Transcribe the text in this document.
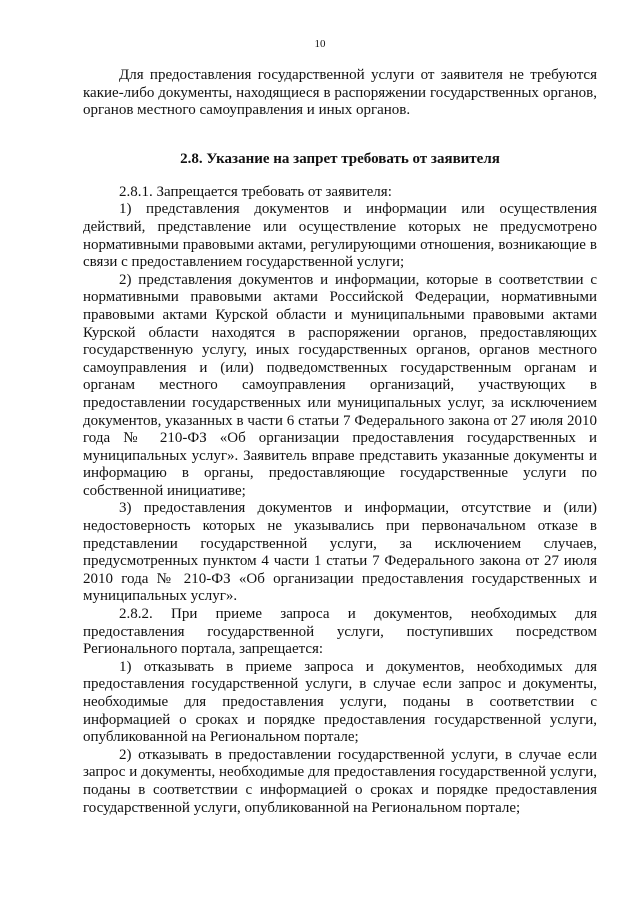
10

Для предоставления государственной услуги от заявителя не требуются какие-либо документы, находящиеся в распоряжении государственных органов, органов местного самоуправления и иных органов.

2.8. Указание на запрет требовать от заявителя

2.8.1. Запрещается требовать от заявителя:

1) представления документов и информации или осуществления действий, представление или осуществление которых не предусмотрено нормативными правовыми актами, регулирующими отношения, возникающие в связи с предоставлением государственной услуги;

2) представления документов и информации, которые в соответствии с нормативными правовыми актами Российской Федерации, нормативными правовыми актами Курской области и муниципальными правовыми актами Курской области находятся в распоряжении органов, предоставляющих государственную услугу, иных государственных органов, органов местного самоуправления и (или) подведомственных государственным органам и органам местного самоуправления организаций, участвующих в предоставлении государственных или муниципальных услуг, за исключением документов, указанных в части 6 статьи 7 Федерального закона от 27 июля 2010 года № 210-ФЗ «Об организации предоставления государственных и муниципальных услуг». Заявитель вправе представить указанные документы и информацию в органы, предоставляющие государственные услуги по собственной инициативе;

3) предоставления документов и информации, отсутствие и (или) недостоверность которых не указывались при первоначальном отказе в представлении государственной услуги, за исключением случаев, предусмотренных пунктом 4 части 1 статьи 7 Федерального закона от 27 июля 2010 года № 210-ФЗ «Об организации предоставления государственных и муниципальных услуг».

2.8.2. При приеме запроса и документов, необходимых для предоставления государственной услуги, поступивших посредством Регионального портала, запрещается:

1) отказывать в приеме запроса и документов, необходимых для предоставления государственной услуги, в случае если запрос и документы, необходимые для предоставления услуги, поданы в соответствии с информацией о сроках и порядке предоставления государственной услуги, опубликованной на Региональном портале;

2) отказывать в предоставлении государственной услуги, в случае если запрос и документы, необходимые для предоставления государственной услуги, поданы в соответствии с информацией о сроках и порядке предоставления государственной услуги, опубликованной на Региональном портале;
